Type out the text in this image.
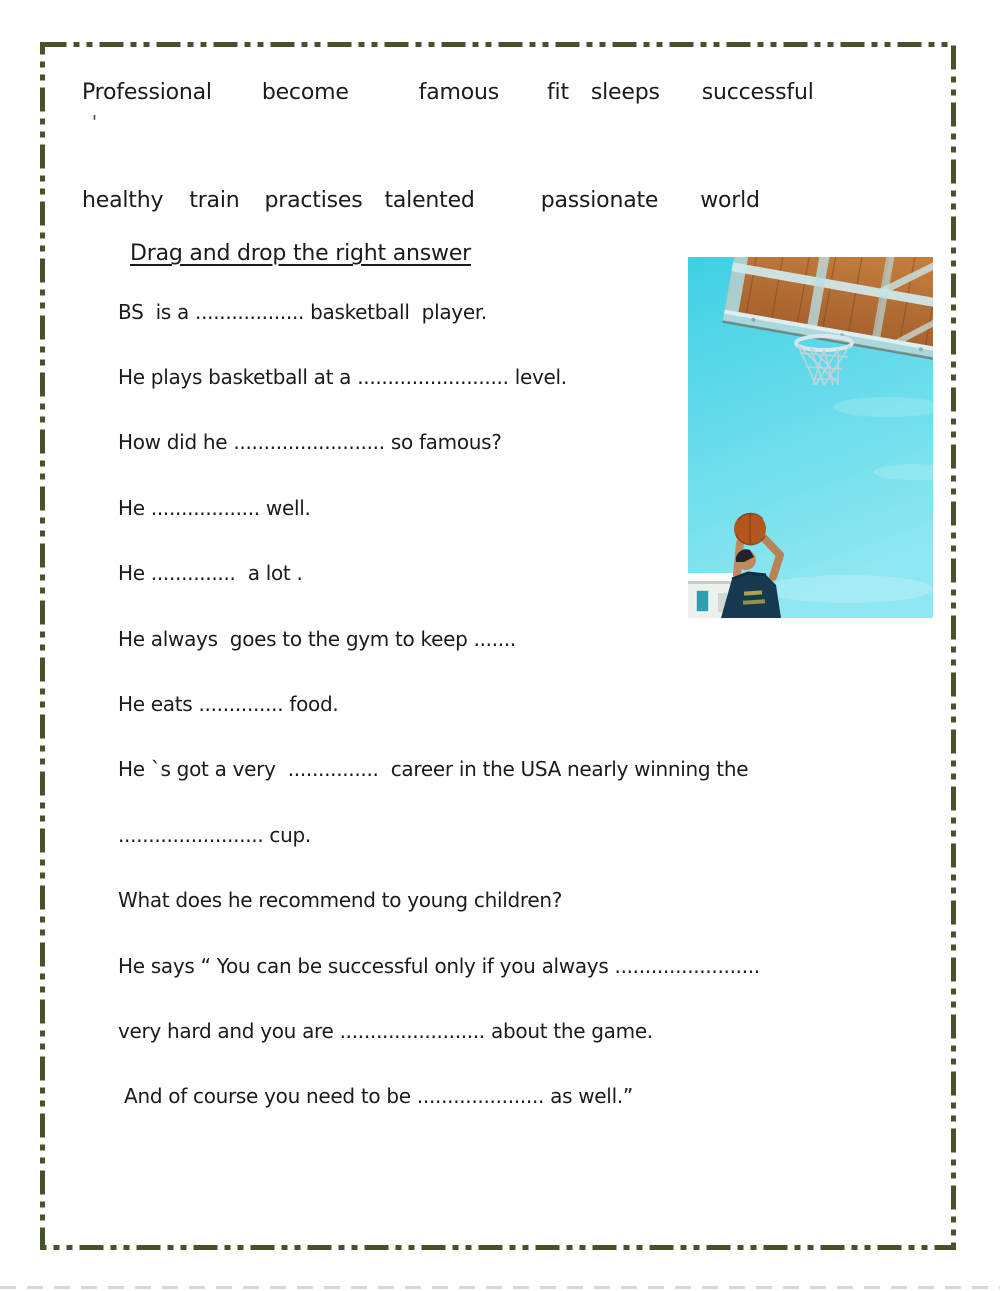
Professional become	famous fit sleeps successful
'
healthy train practises talented	passionate world
Drag and drop the right answer
BS  is a .................. basketball  player.
He plays basketball at a ......................... level.
How did he ......................... so famous?
He .................. well.
He ..............  a lot .
He always  goes to the gym to keep .......
He eats .............. food.
He `s got a very  ...............  career in the USA nearly winning the
........................ cup.
What does he recommend to young children?
He says “ You can be successful only if you always ........................
very hard and you are ........................ about the game.
And of course you need to be ..................... as well.”
